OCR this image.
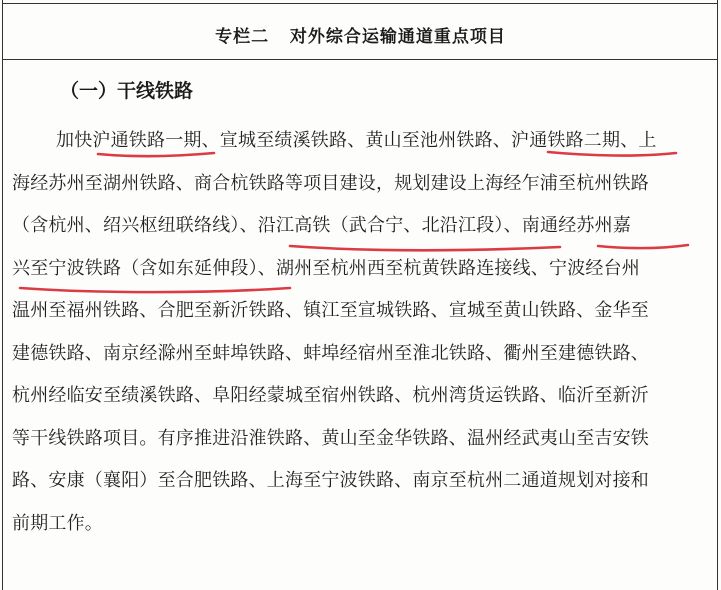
专栏二   对外综合运输通道重点项目
（一）干线铁路
加快沪通铁路一期、宣城至绩溪铁路、黄山至池州铁路、沪通铁路二期、上
海经苏州至湖州铁路、商合杭铁路等项目建设，规划建设上海经乍浦至杭州铁路
（含杭州、绍兴枢纽联络线）、沿江高铁（武合宁、北沿江段）、南通经苏州嘉
兴至宁波铁路（含如东延伸段）、湖州至杭州西至杭黄铁路连接线、宁波经台州
温州至福州铁路、合肥至新沂铁路、镇江至宣城铁路、宣城至黄山铁路、金华至
建德铁路、南京经滁州至蚌埠铁路、蚌埠经宿州至淮北铁路、衢州至建德铁路、
杭州经临安至绩溪铁路、阜阳经蒙城至宿州铁路、杭州湾货运铁路、临沂至新沂
等干线铁路项目。有序推进沿淮铁路、黄山至金华铁路、温州经武夷山至吉安铁
路、安康（襄阳）至合肥铁路、上海至宁波铁路、南京至杭州二通道规划对接和
前期工作。
